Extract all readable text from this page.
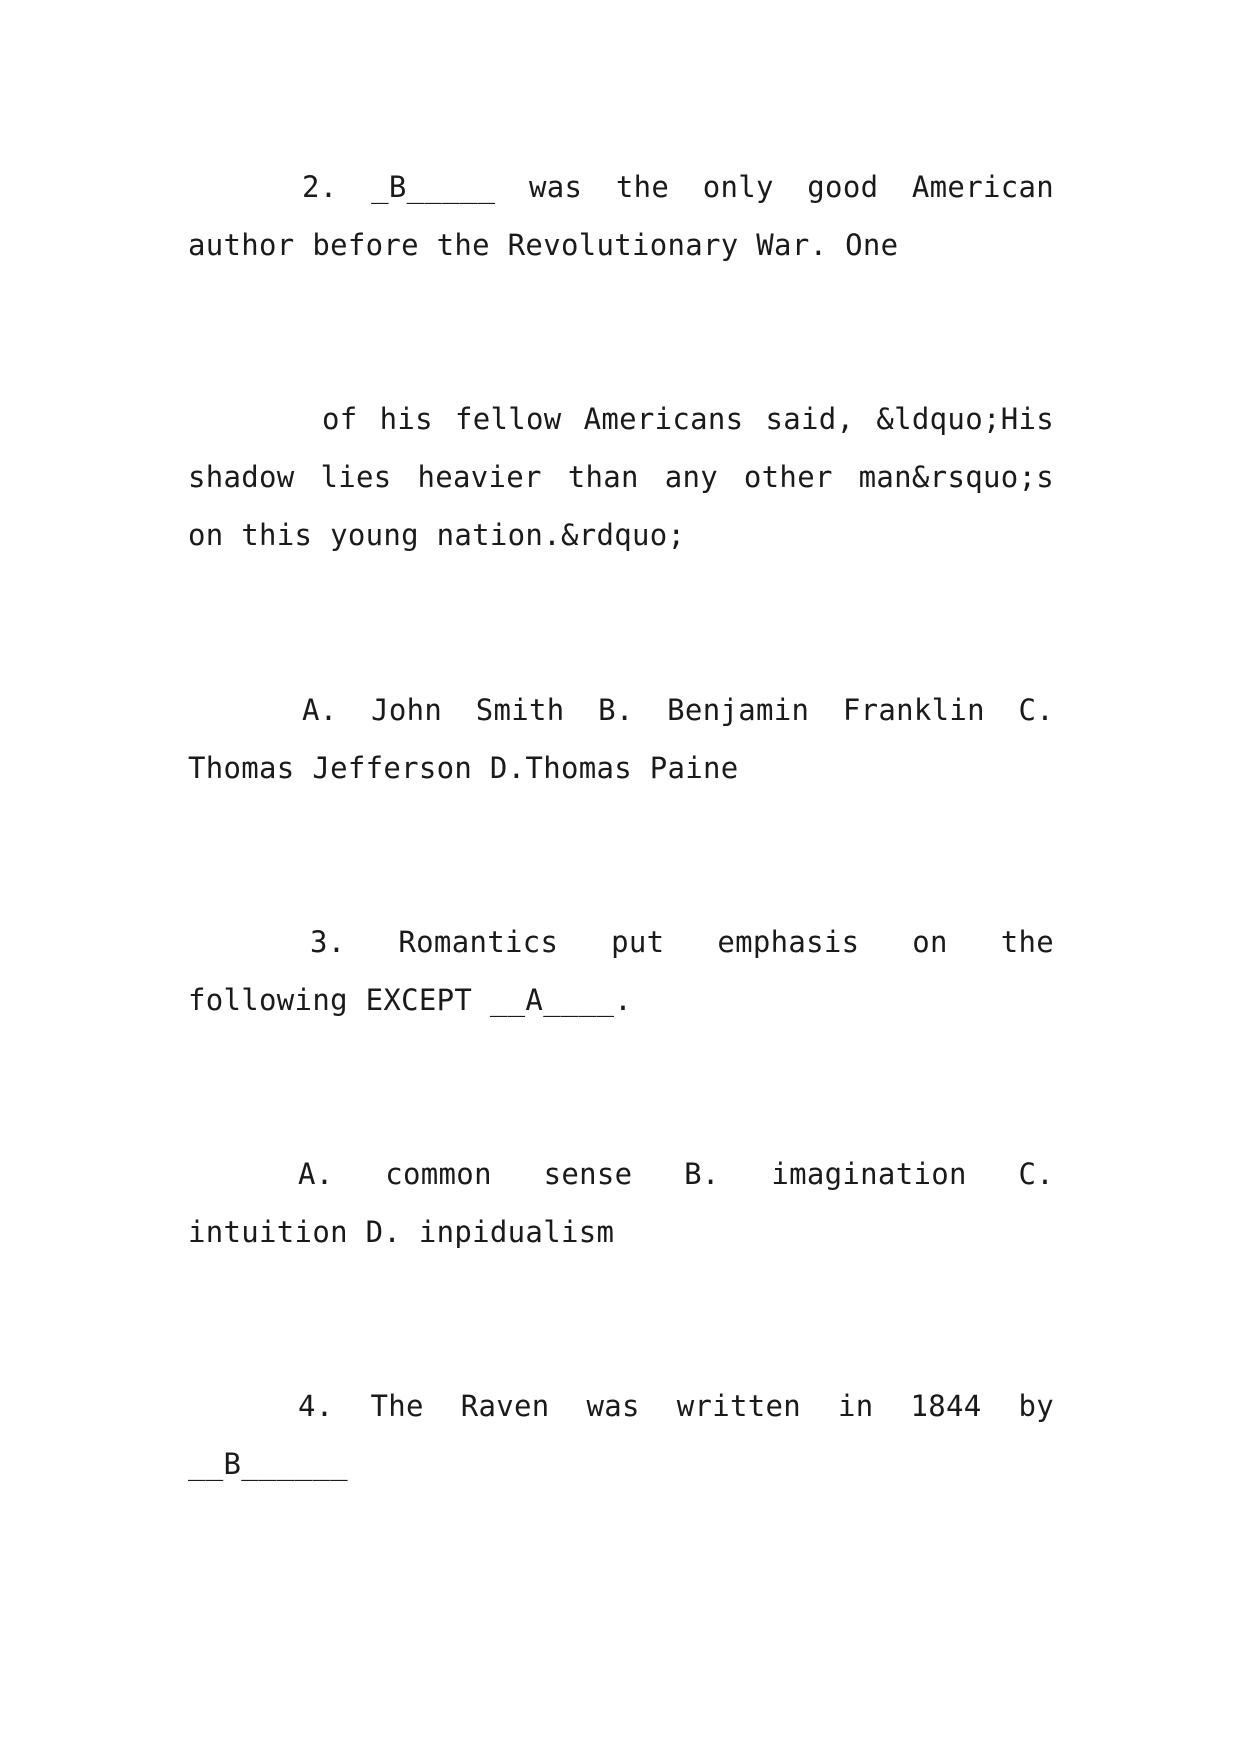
2. _B_____ was the only good American author before the Revolutionary War. One

of his fellow Americans said, &ldquo;His shadow lies heavier than any other man&rsquo;s on this young nation.&rdquo;

A. John Smith B. Benjamin Franklin C. Thomas Jefferson D.Thomas Paine

3. Romantics put emphasis on the following EXCEPT __A____.

A. common sense B. imagination C. intuition D. inpidualism

4. The Raven was written in 1844 by __B______
